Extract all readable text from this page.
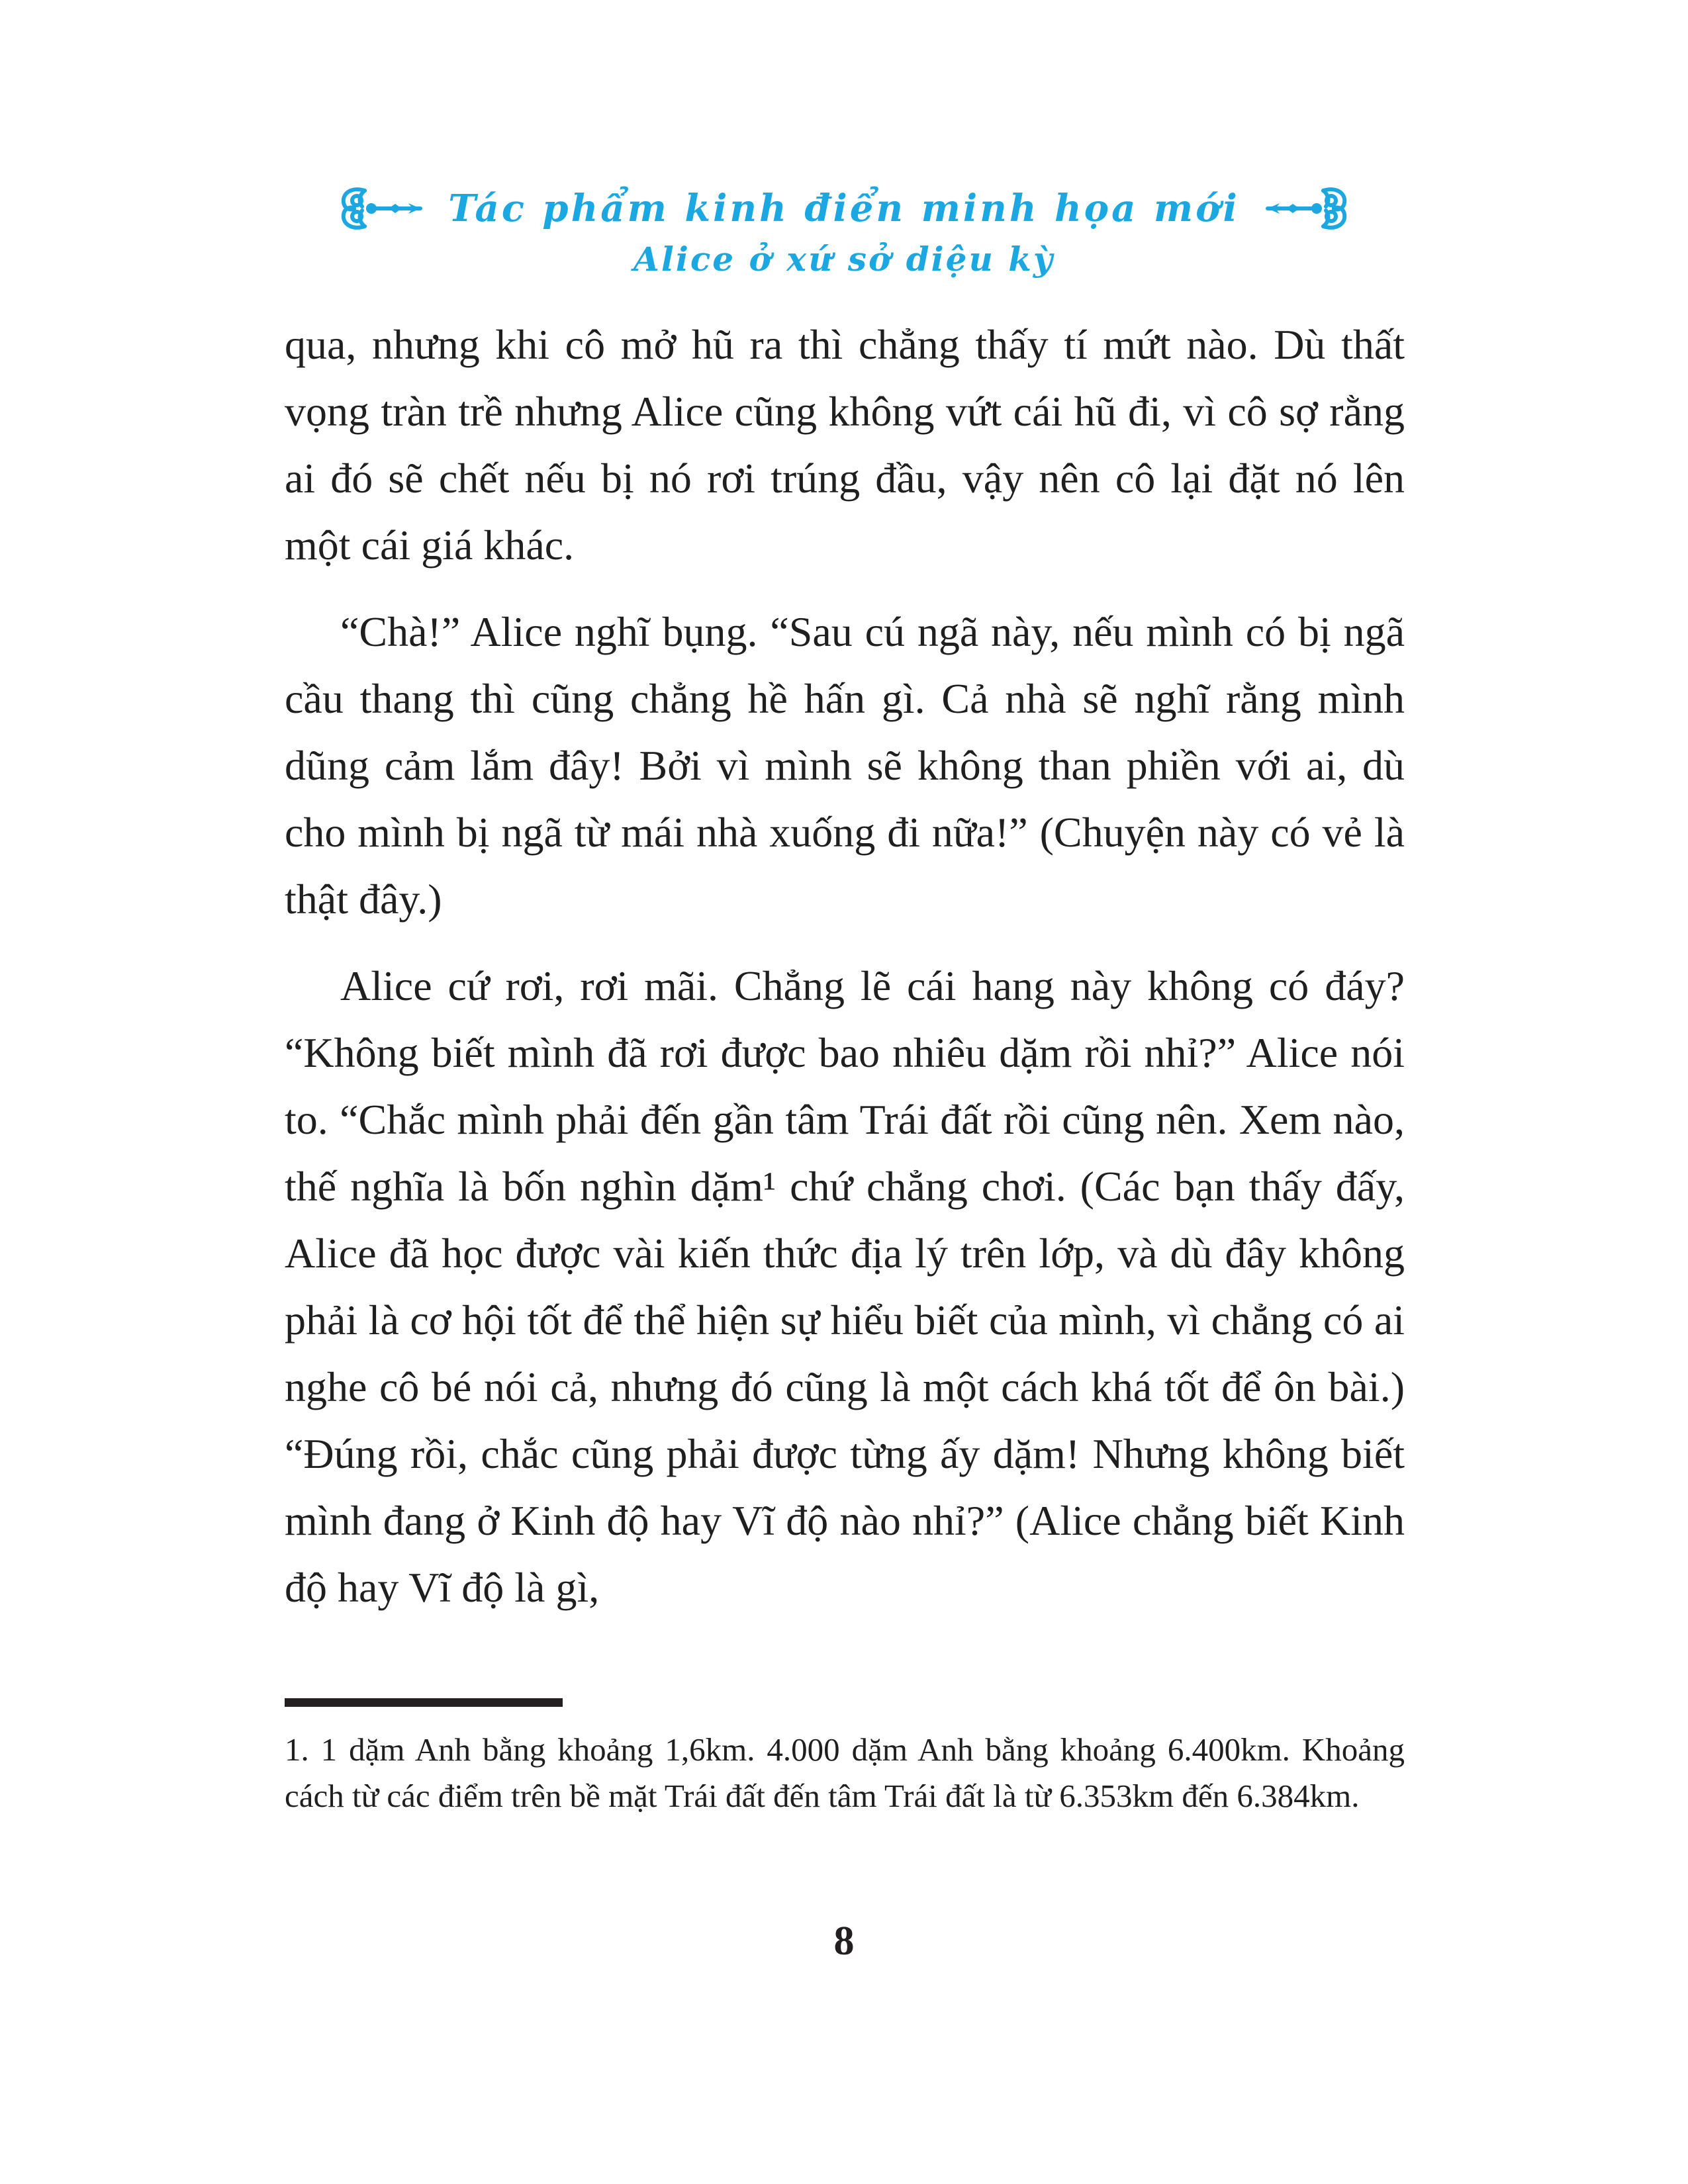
Tác phẩm kinh điển minh họa mới
Alice ở xứ sở diệu kỳ

qua, nhưng khi cô mở hũ ra thì chẳng thấy tí mứt nào. Dù thất vọng tràn trề nhưng Alice cũng không vứt cái hũ đi, vì cô sợ rằng ai đó sẽ chết nếu bị nó rơi trúng đầu, vậy nên cô lại đặt nó lên một cái giá khác.

“Chà!” Alice nghĩ bụng. “Sau cú ngã này, nếu mình có bị ngã cầu thang thì cũng chẳng hề hấn gì. Cả nhà sẽ nghĩ rằng mình dũng cảm lắm đây! Bởi vì mình sẽ không than phiền với ai, dù cho mình bị ngã từ mái nhà xuống đi nữa!” (Chuyện này có vẻ là thật đây.)

Alice cứ rơi, rơi mãi. Chẳng lẽ cái hang này không có đáy? “Không biết mình đã rơi được bao nhiêu dặm rồi nhỉ?” Alice nói to. “Chắc mình phải đến gần tâm Trái đất rồi cũng nên. Xem nào, thế nghĩa là bốn nghìn dặm¹ chứ chẳng chơi. (Các bạn thấy đấy, Alice đã học được vài kiến thức địa lý trên lớp, và dù đây không phải là cơ hội tốt để thể hiện sự hiểu biết của mình, vì chẳng có ai nghe cô bé nói cả, nhưng đó cũng là một cách khá tốt để ôn bài.) “Đúng rồi, chắc cũng phải được từng ấy dặm! Nhưng không biết mình đang ở Kinh độ hay Vĩ độ nào nhỉ?” (Alice chẳng biết Kinh độ hay Vĩ độ là gì,

1. 1 dặm Anh bằng khoảng 1,6km. 4.000 dặm Anh bằng khoảng 6.400km. Khoảng cách từ các điểm trên bề mặt Trái đất đến tâm Trái đất là từ 6.353km đến 6.384km.

8
